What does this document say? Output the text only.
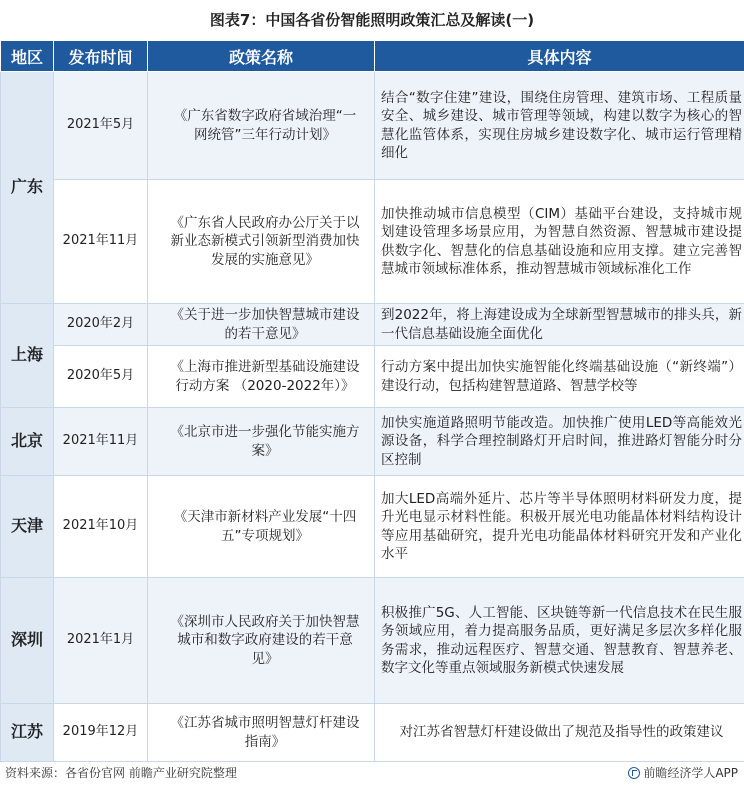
图表7：中国各省份智能照明政策汇总及解读(一)
地区	发布时间	政策名称	具体内容
广东	2021年5月	《广东省数字政府省域治理“一网统管”三年行动计划》	结合“数字住建”建设，围绕住房管理、建筑市场、工程质量安全、城乡建设、城市管理等领域，构建以数字为核心的智慧化监管体系，实现住房城乡建设数字化、城市运行管理精细化
	2021年11月	《广东省人民政府办公厅关于以新业态新模式引领新型消费加快发展的实施意见》	加快推动城市信息模型（CIM）基础平台建设，支持城市规划建设管理多场景应用，为智慧自然资源、智慧城市建设提供数字化、智慧化的信息基础设施和应用支撑。建立完善智慧城市领域标准体系，推动智慧城市领域标准化工作
上海	2020年2月	《关于进一步加快智慧城市建设的若干意见》	到2022年，将上海建设成为全球新型智慧城市的排头兵，新一代信息基础设施全面优化
	2020年5月	《上海市推进新型基础设施建设行动方案 （2020-2022年）》	行动方案中提出加快实施智能化终端基础设施（“新终端”）建设行动，包括构建智慧道路、智慧学校等
北京	2021年11月	《北京市进一步强化节能实施方案》	加快实施道路照明节能改造。加快推广使用LED等高能效光源设备，科学合理控制路灯开启时间，推进路灯智能分时分区控制
天津	2021年10月	《天津市新材料产业发展“十四五”专项规划》	加大LED高端外延片、芯片等半导体照明材料研发力度，提升光电显示材料性能。积极开展光电功能晶体材料结构设计等应用基础研究，提升光电功能晶体材料研究开发和产业化水平
深圳	2021年1月	《深圳市人民政府关于加快智慧城市和数字政府建设的若干意见》	积极推广5G、人工智能、区块链等新一代信息技术在民生服务领域应用，着力提高服务品质，更好满足多层次多样化服务需求，推动远程医疗、智慧交通、智慧教育、智慧养老、数字文化等重点领域服务新模式快速发展
江苏	2019年12月	《江苏省城市照明智慧灯杆建设指南》	对江苏省智慧灯杆建设做出了规范及指导性的政策建议
资料来源：各省份官网 前瞻产业研究院整理	前瞻经济学人APP
